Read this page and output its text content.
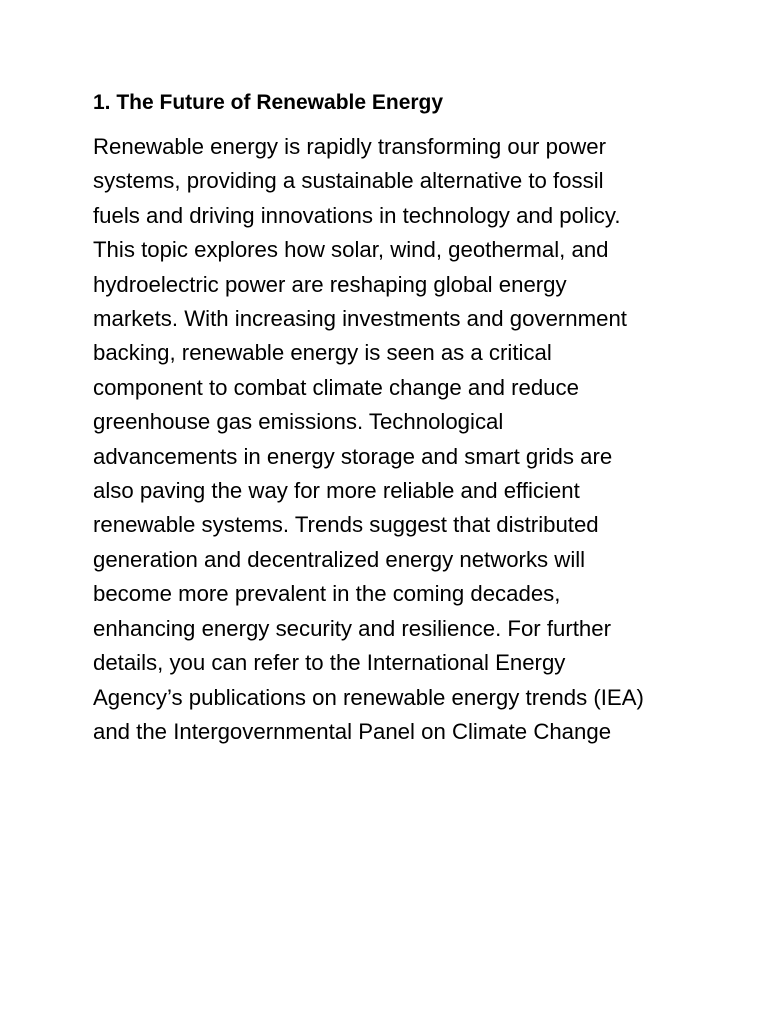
1. The Future of Renewable Energy

Renewable energy is rapidly transforming our power
systems, providing a sustainable alternative to fossil
fuels and driving innovations in technology and policy.
This topic explores how solar, wind, geothermal, and
hydroelectric power are reshaping global energy
markets. With increasing investments and government
backing, renewable energy is seen as a critical
component to combat climate change and reduce
greenhouse gas emissions. Technological
advancements in energy storage and smart grids are
also paving the way for more reliable and efficient
renewable systems. Trends suggest that distributed
generation and decentralized energy networks will
become more prevalent in the coming decades,
enhancing energy security and resilience. For further
details, you can refer to the International Energy
Agency’s publications on renewable energy trends (IEA)
and the Intergovernmental Panel on Climate Change
